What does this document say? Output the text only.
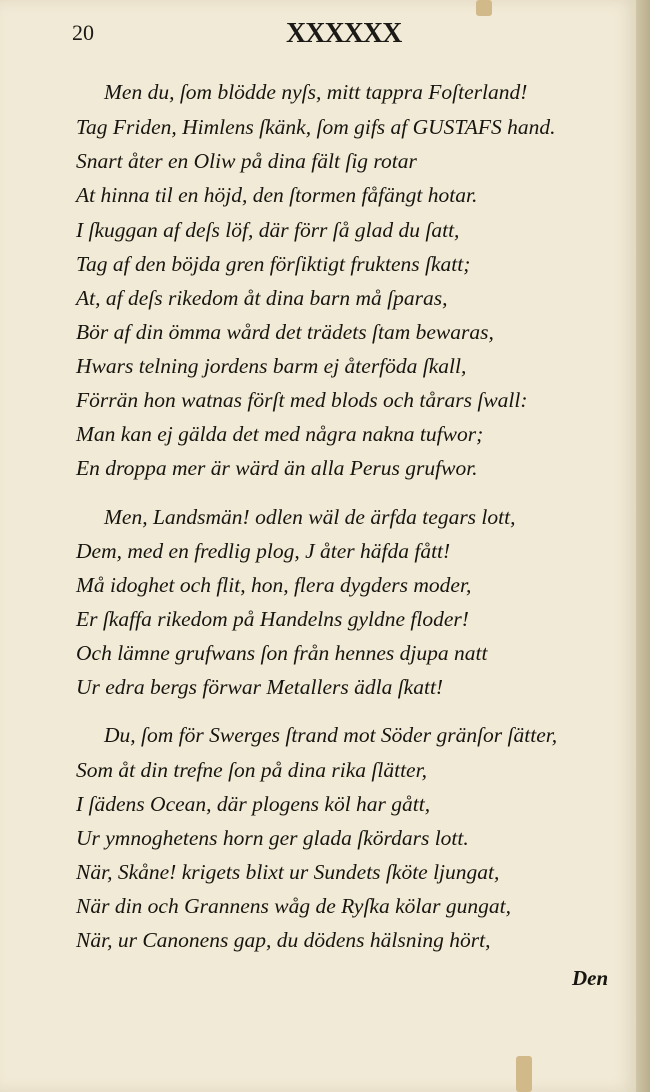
20	XXXXXX
Men du, ſom blödde nyſs, mitt tappra Foſterland!
Tag Friden, Himlens ſkänk, ſom gifs af GUSTAFS hand.
Snart åter en Oliw på dina fält ſig rotar
At hinna til en höjd, den ſtormen fåfängt hotar.
I ſkuggan af deſs löf, där förr ſå glad du ſatt,
Tag af den böjda gren förſiktigt fruktens ſkatt;
At, af deſs rikedom åt dina barn må ſparas,
Bör af din ömma wård det trädets ſtam bewaras,
Hwars telning jordens barm ej återföda ſkall,
Förrän hon watnas förſt med blods och tårars ſwall:
Man kan ej gälda det med några nakna tufwor;
En droppa mer är wärd än alla Perus grufwor.
Men, Landsmän! odlen wäl de ärfda tegars lott,
Dem, med en fredlig plog, J åter häfda fått!
Må idoghet och flit, hon, flera dygders moder,
Er ſkaffa rikedom på Handelns gyldne floder!
Och lämne grufwans ſon från hennes djupa natt
Ur edra bergs förwar Metallers ädla ſkatt!
Du, ſom för Swerges ſtrand mot Söder gränſor ſätter,
Som åt din trefne ſon på dina rika ſlätter,
I ſädens Ocean, där plogens köl har gått,
Ur ymnoghetens horn ger glada ſkördars lott.
När, Skåne! krigets blixt ur Sundets ſköte ljungat,
När din och Grannens wåg de Ryſka kölar gungat,
När, ur Canonens gap, du dödens hälsning hört,
Den
